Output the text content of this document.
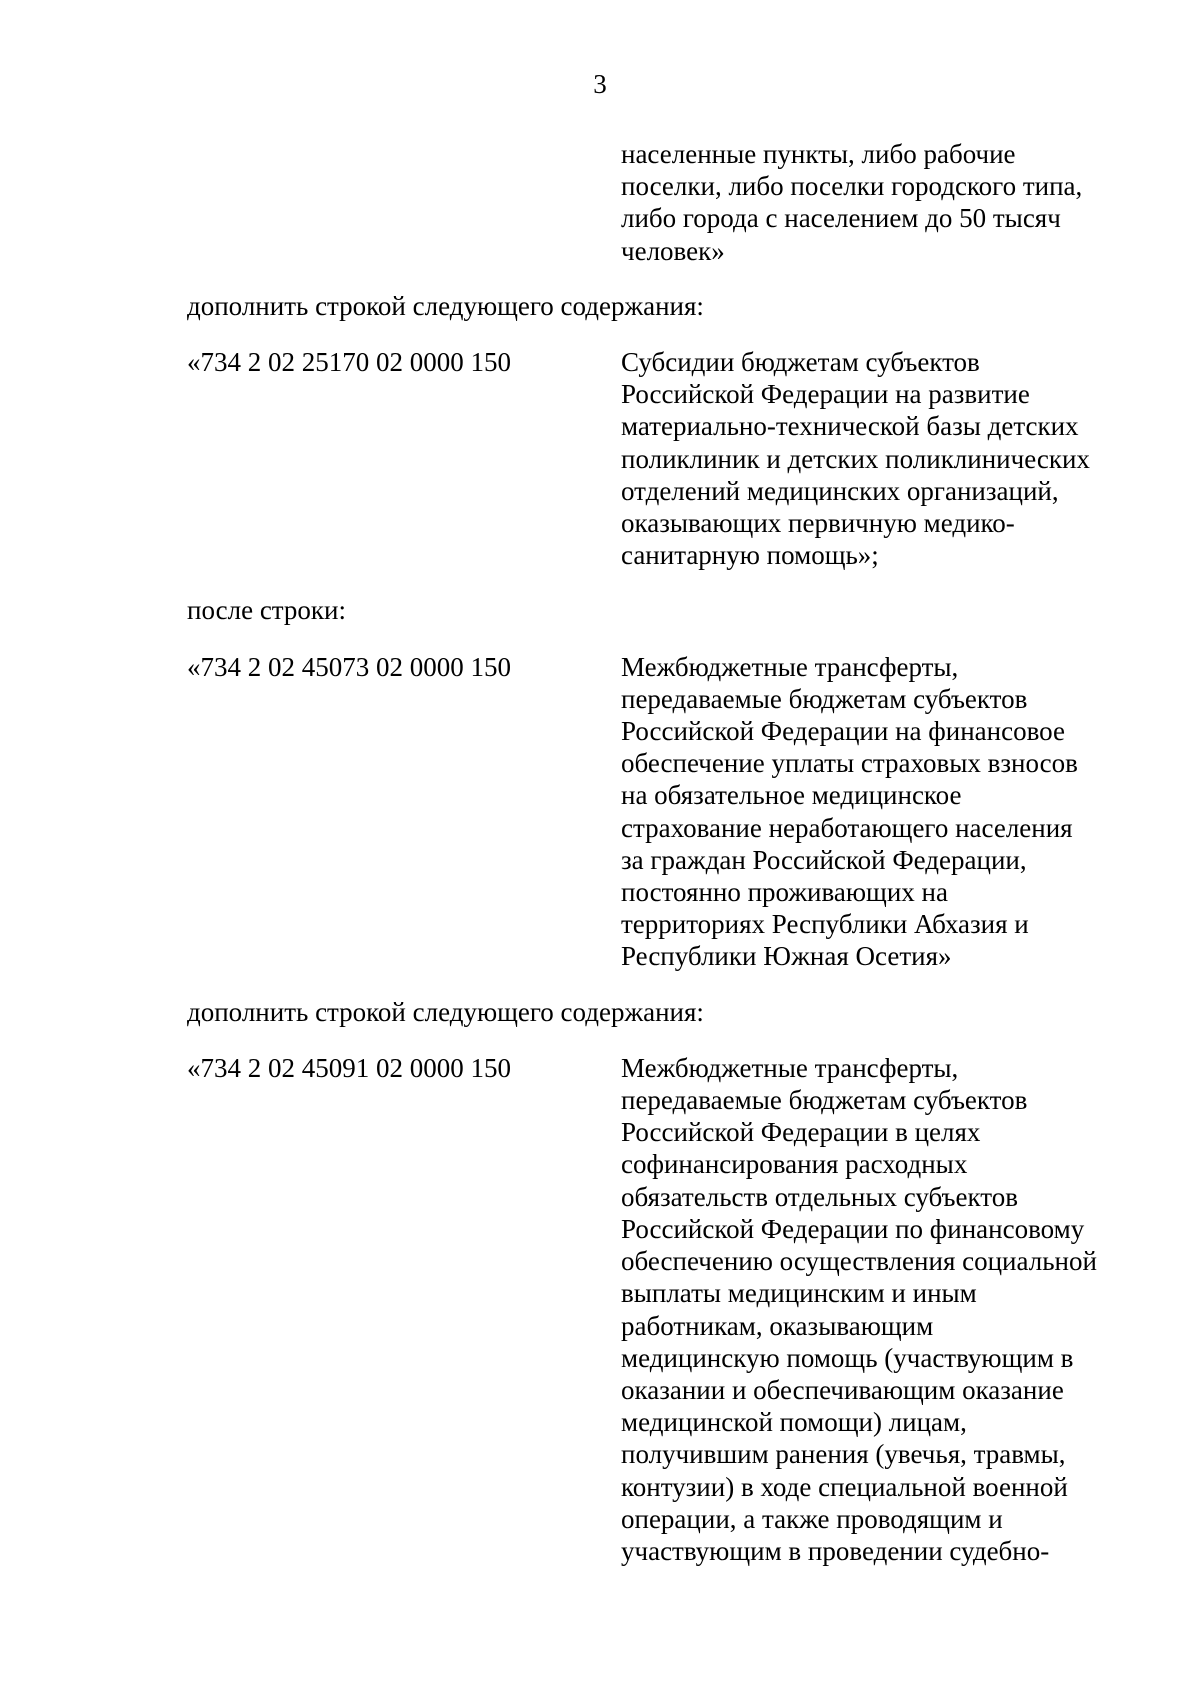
3
населенные пункты, либо рабочие
поселки, либо поселки городского типа,
либо города с населением до 50 тысяч
человек»
дополнить строкой следующего содержания:
«734 2 02 25170 02 0000 150	Субсидии бюджетам субъектов
Российской Федерации на развитие
материально-технической базы детских
поликлиник и детских поликлинических
отделений медицинских организаций,
оказывающих первичную медико-
санитарную помощь»;
после строки:
«734 2 02 45073 02 0000 150	Межбюджетные трансферты,
передаваемые бюджетам субъектов
Российской Федерации на финансовое
обеспечение уплаты страховых взносов
на обязательное медицинское
страхование неработающего населения
за граждан Российской Федерации,
постоянно проживающих на
территориях Республики Абхазия и
Республики Южная Осетия»
дополнить строкой следующего содержания:
«734 2 02 45091 02 0000 150	Межбюджетные трансферты,
передаваемые бюджетам субъектов
Российской Федерации в целях
софинансирования расходных
обязательств отдельных субъектов
Российской Федерации по финансовому
обеспечению осуществления социальной
выплаты медицинским и иным
работникам, оказывающим
медицинскую помощь (участвующим в
оказании и обеспечивающим оказание
медицинской помощи) лицам,
получившим ранения (увечья, травмы,
контузии) в ходе специальной военной
операции, а также проводящим и
участвующим в проведении судебно-
